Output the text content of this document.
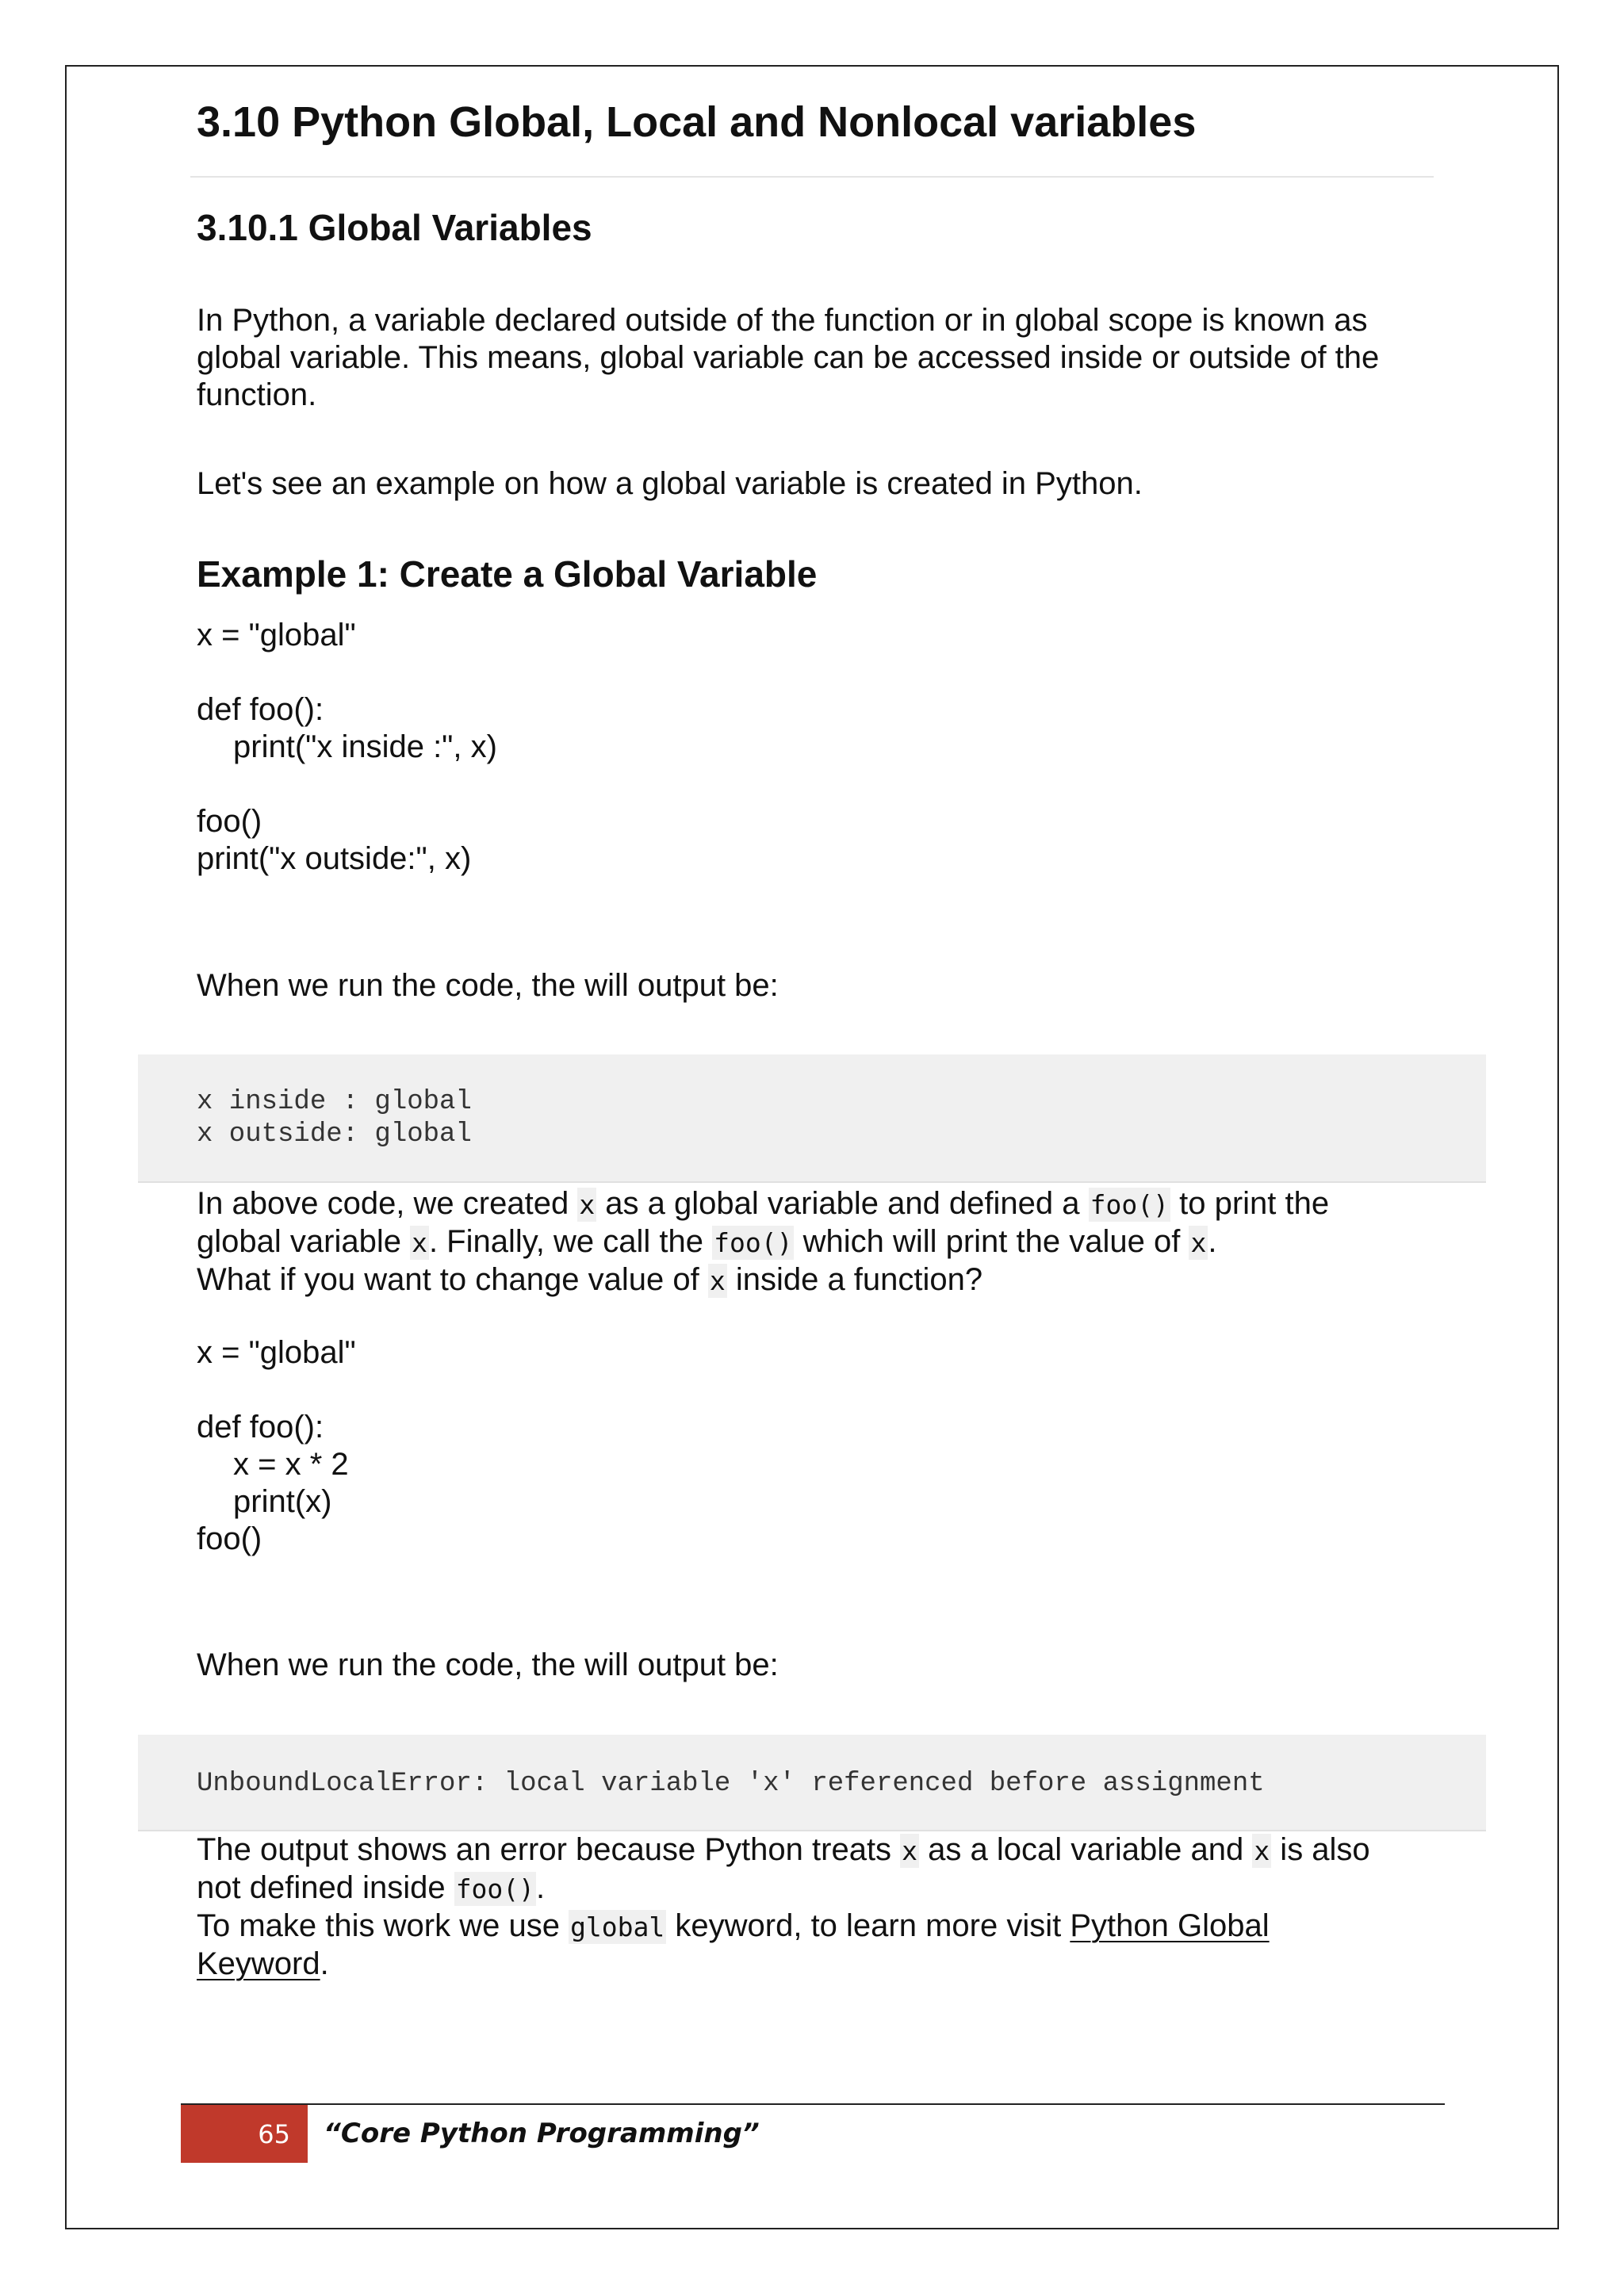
3.10 Python Global, Local and Nonlocal variables
3.10.1 Global Variables

In Python, a variable declared outside of the function or in global scope is known as
global variable. This means, global variable can be accessed inside or outside of the
function.

Let's see an example on how a global variable is created in Python.

Example 1: Create a Global Variable
x = "global"

def foo():
print("x inside :", x)

foo()
print("x outside:", x)

When we run the code, the will output be:

x inside : global
x outside: global

In above code, we created x as a global variable and defined a foo() to print the
global variable x. Finally, we call the foo() which will print the value of x.
What if you want to change value of x inside a function?

x = "global"

def foo():
x = x * 2
print(x)
foo()

When we run the code, the will output be:

UnboundLocalError: local variable 'x' referenced before assignment

The output shows an error because Python treats x as a local variable and x is also
not defined inside foo().
To make this work we use global keyword, to learn more visit Python Global
Keyword.

65 “Core Python Programming”
